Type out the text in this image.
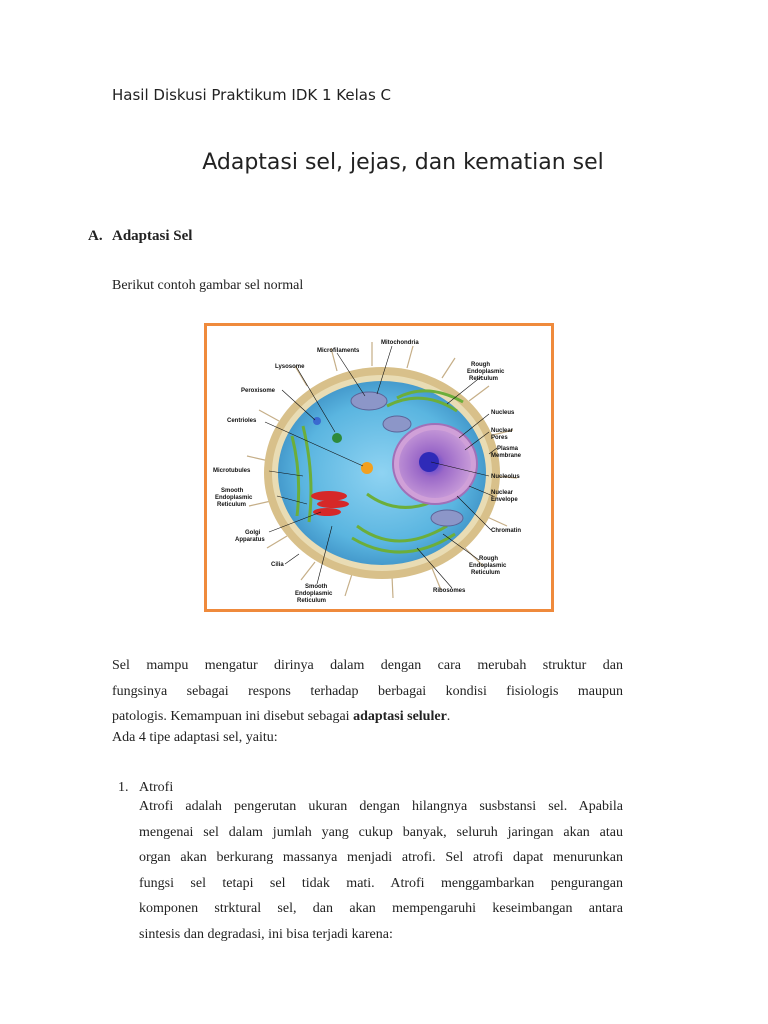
Hasil Diskusi Praktikum IDK 1 Kelas C
Adaptasi sel, jejas, dan kematian sel
A. Adaptasi Sel
Berikut contoh gambar sel normal
Microfilaments
Mitochondria
Lysosome	Rough
Endoplasmic
Reticulum
Peroxisome
Nucleus
Centrioles
Nuclear
Pores
Plasma
Membrane
Microtubules
Nucleolus
Smooth
Endoplasmic
Reticulum
Nuclear
Envelope
Golgi
Apparatus
Chromatin
Cilia
Rough
Endoplasmic
Reticulum
Smooth
Endoplasmic
Reticulum
Ribosomes
Sel mampu mengatur dirinya dalam dengan cara merubah struktur dan
fungsinya sebagai respons terhadap berbagai kondisi fisiologis maupun
patologis. Kemampuan ini disebut sebagai adaptasi seluler.
Ada 4 tipe adaptasi sel, yaitu:
1. Atrofi
Atrofi adalah pengerutan ukuran dengan hilangnya susbstansi sel. Apabila
mengenai sel dalam jumlah yang cukup banyak, seluruh jaringan akan atau
organ akan berkurang massanya menjadi atrofi. Sel atrofi dapat menurunkan
fungsi sel tetapi sel tidak mati. Atrofi menggambarkan pengurangan
komponen strktural sel, dan akan mempengaruhi keseimbangan antara
sintesis dan degradasi, ini bisa terjadi karena:
